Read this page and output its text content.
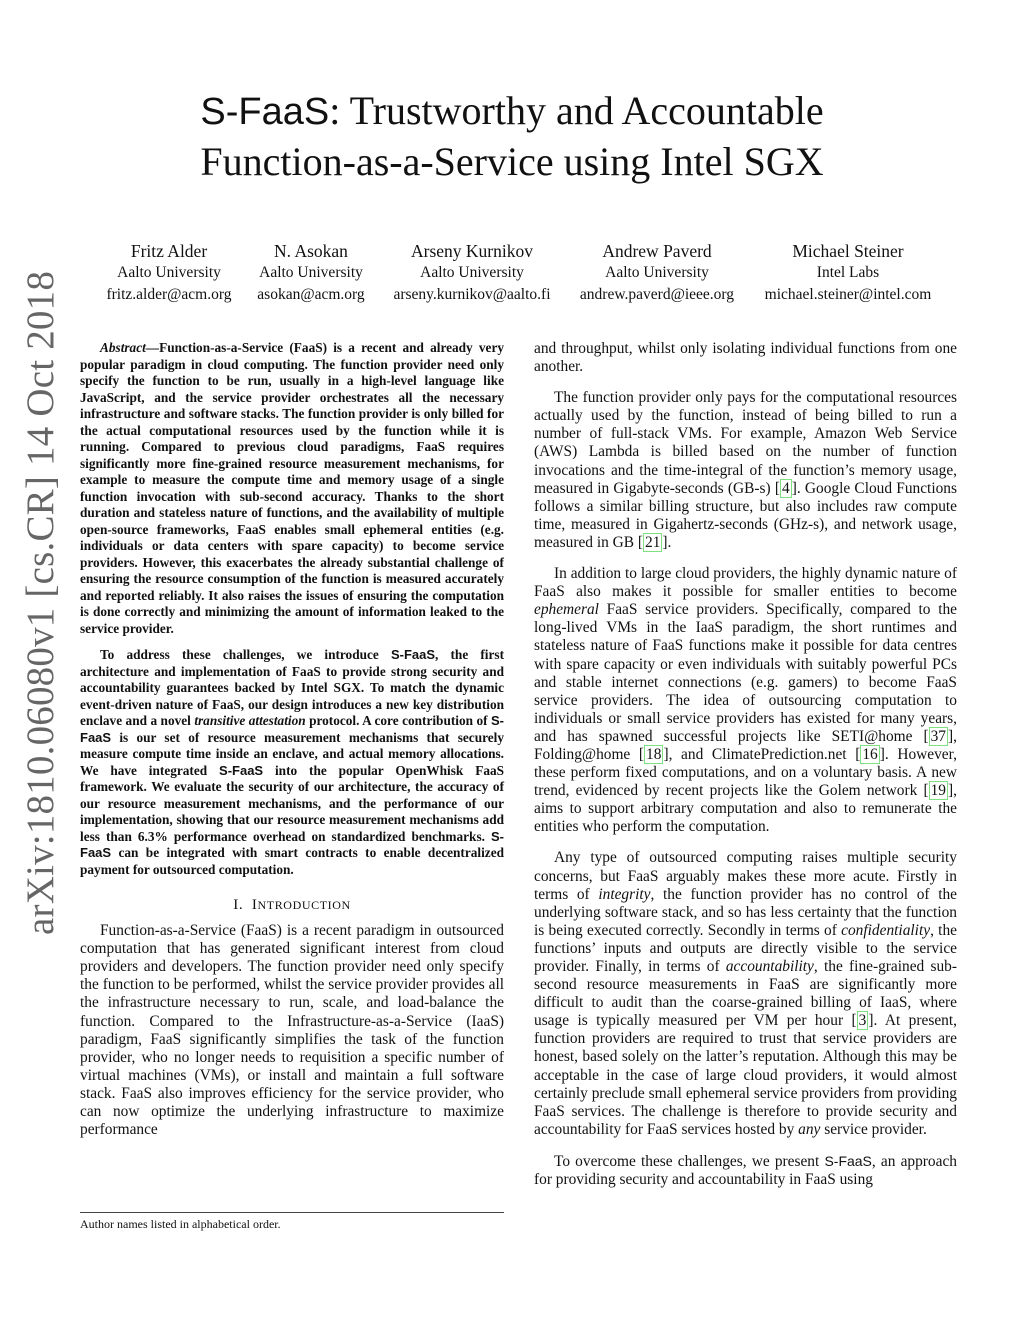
arXiv:1810.06080v1 [cs.CR] 14 Oct 2018
S-FaaS: Trustworthy and Accountable
Function-as-a-Service using Intel SGX
Fritz Alder
Aalto University
fritz.alder@acm.org
N. Asokan
Aalto University
asokan@acm.org
Arseny Kurnikov
Aalto University
arseny.kurnikov@aalto.fi
Andrew Paverd
Aalto University
andrew.paverd@ieee.org
Michael Steiner
Intel Labs
michael.steiner@intel.com

Abstract—Function-as-a-Service (FaaS) is a recent and already very popular paradigm in cloud computing. The function provider need only specify the function to be run, usually in a high-level language like JavaScript, and the service provider orchestrates all the necessary infrastructure and software stacks. The function provider is only billed for the actual computational resources used by the function while it is running. Compared to previous cloud paradigms, FaaS requires significantly more fine-grained resource measurement mechanisms, for example to measure the compute time and memory usage of a single function invocation with sub-second accuracy. Thanks to the short duration and stateless nature of functions, and the availability of multiple open-source frameworks, FaaS enables small ephemeral entities (e.g. individuals or data centers with spare capacity) to become service providers. However, this exacerbates the already substantial challenge of ensuring the resource consumption of the function is measured accurately and reported reliably. It also raises the issues of ensuring the computation is done correctly and minimizing the amount of information leaked to the service provider.

To address these challenges, we introduce S-FaaS, the first architecture and implementation of FaaS to provide strong security and accountability guarantees backed by Intel SGX. To match the dynamic event-driven nature of FaaS, our design introduces a new key distribution enclave and a novel transitive attestation protocol. A core contribution of S-FaaS is our set of resource measurement mechanisms that securely measure compute time inside an enclave, and actual memory allocations. We have integrated S-FaaS into the popular OpenWhisk FaaS framework. We evaluate the security of our architecture, the accuracy of our resource measurement mechanisms, and the performance of our implementation, showing that our resource measurement mechanisms add less than 6.3% performance overhead on standardized benchmarks. S-FaaS can be integrated with smart contracts to enable decentralized payment for outsourced computation.

I. INTRODUCTION

Function-as-a-Service (FaaS) is a recent paradigm in outsourced computation that has generated significant interest from cloud providers and developers. The function provider need only specify the function to be performed, whilst the service provider provides all the infrastructure necessary to run, scale, and load-balance the function. Compared to the Infrastructure-as-a-Service (IaaS) paradigm, FaaS significantly simplifies the task of the function provider, who no longer needs to requisition a specific number of virtual machines (VMs), or install and maintain a full software stack. FaaS also improves efficiency for the service provider, who can now optimize the underlying infrastructure to maximize performance

Author names listed in alphabetical order.

and throughput, whilst only isolating individual functions from one another.

The function provider only pays for the computational resources actually used by the function, instead of being billed to run a number of full-stack VMs. For example, Amazon Web Service (AWS) Lambda is billed based on the number of function invocations and the time-integral of the function’s memory usage, measured in Gigabyte-seconds (GB-s) [ 4 ]. Google Cloud Functions follows a similar billing structure, but also includes raw compute time, measured in Gigahertz-seconds (GHz-s), and network usage, measured in GB [ 21 ].

In addition to large cloud providers, the highly dynamic nature of FaaS also makes it possible for smaller entities to become ephemeral FaaS service providers. Specifically, compared to the long-lived VMs in the IaaS paradigm, the short runtimes and stateless nature of FaaS functions make it possible for data centres with spare capacity or even individuals with suitably powerful PCs and stable internet connections (e.g. gamers) to become FaaS service providers. The idea of outsourcing computation to individuals or small service providers has existed for many years, and has spawned successful projects like SETI@home [ 37 ], Folding@home [ 18 ], and ClimatePrediction.net [ 16 ]. However, these perform fixed computations, and on a voluntary basis. A new trend, evidenced by recent projects like the Golem network [ 19 ], aims to support arbitrary computation and also to remunerate the entities who perform the computation.

Any type of outsourced computing raises multiple security concerns, but FaaS arguably makes these more acute. Firstly in terms of integrity, the function provider has no control of the underlying software stack, and so has less certainty that the function is being executed correctly. Secondly in terms of confidentiality, the functions’ inputs and outputs are directly visible to the service provider. Finally, in terms of accountability, the fine-grained sub-second resource measurements in FaaS are significantly more difficult to audit than the coarse-grained billing of IaaS, where usage is typically measured per VM per hour [ 3 ]. At present, function providers are required to trust that service providers are honest, based solely on the latter’s reputation. Although this may be acceptable in the case of large cloud providers, it would almost certainly preclude small ephemeral service providers from providing FaaS services. The challenge is therefore to provide security and accountability for FaaS services hosted by any service provider.

To overcome these challenges, we present S-FaaS, an approach for providing security and accountability in FaaS using
